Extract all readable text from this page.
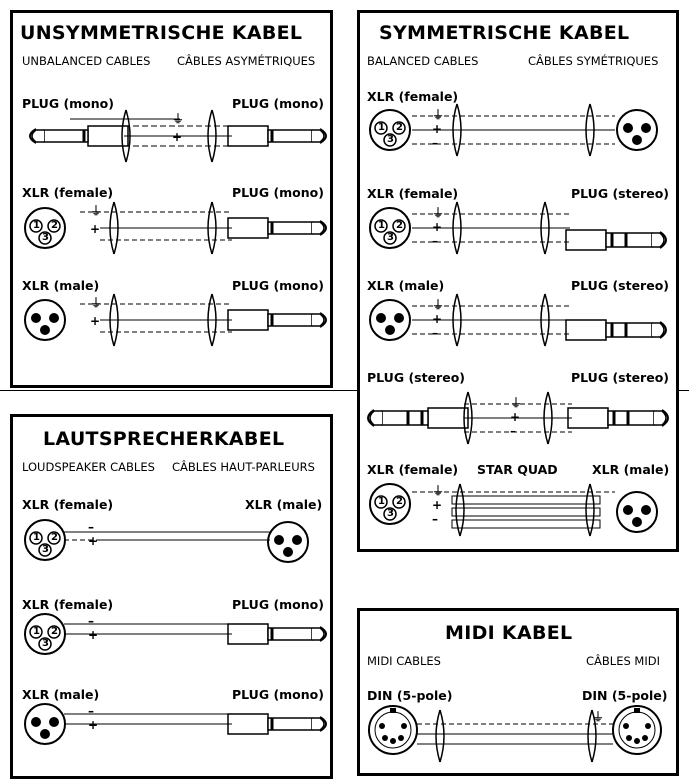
UNSYMMETRISCHE KABEL
UNBALANCED CABLES CÂBLES ASYMÉTRIQUES
PLUG (mono)	PLUG (mono)
XLR (female)	PLUG (mono)
XLR (male)	PLUG (mono)
SYMMETRISCHE KABEL
BALANCED CABLES	CÂBLES SYMÉTRIQUES
XLR (female)
XLR (female)	PLUG (stereo)
XLR (male)	PLUG (stereo)
PLUG (stereo)	PLUG (stereo)
XLR (female) STAR QUAD	XLR (male)
LAUTSPRECHERKABEL
LOUDSPEAKER CABLES CÂBLES HAUT-PARLEURS
XLR (female)	XLR (male)
XLR (female)	PLUG (mono)
XLR (male)	PLUG (mono)
MIDI KABEL
MIDI CABLES	CÂBLES MIDI
DIN (5-pole)	DIN (5-pole)
⏚
+
⏚
+
1 2
3
⏚
+
⏚
+
–
1 2
3
⏚
+
–
1 2
3
⏚
+
–
⏚
+
–
⏚
+
–
1 2
3
–
+
1 2
3
–
+
1 2
3
–
+
⏚
